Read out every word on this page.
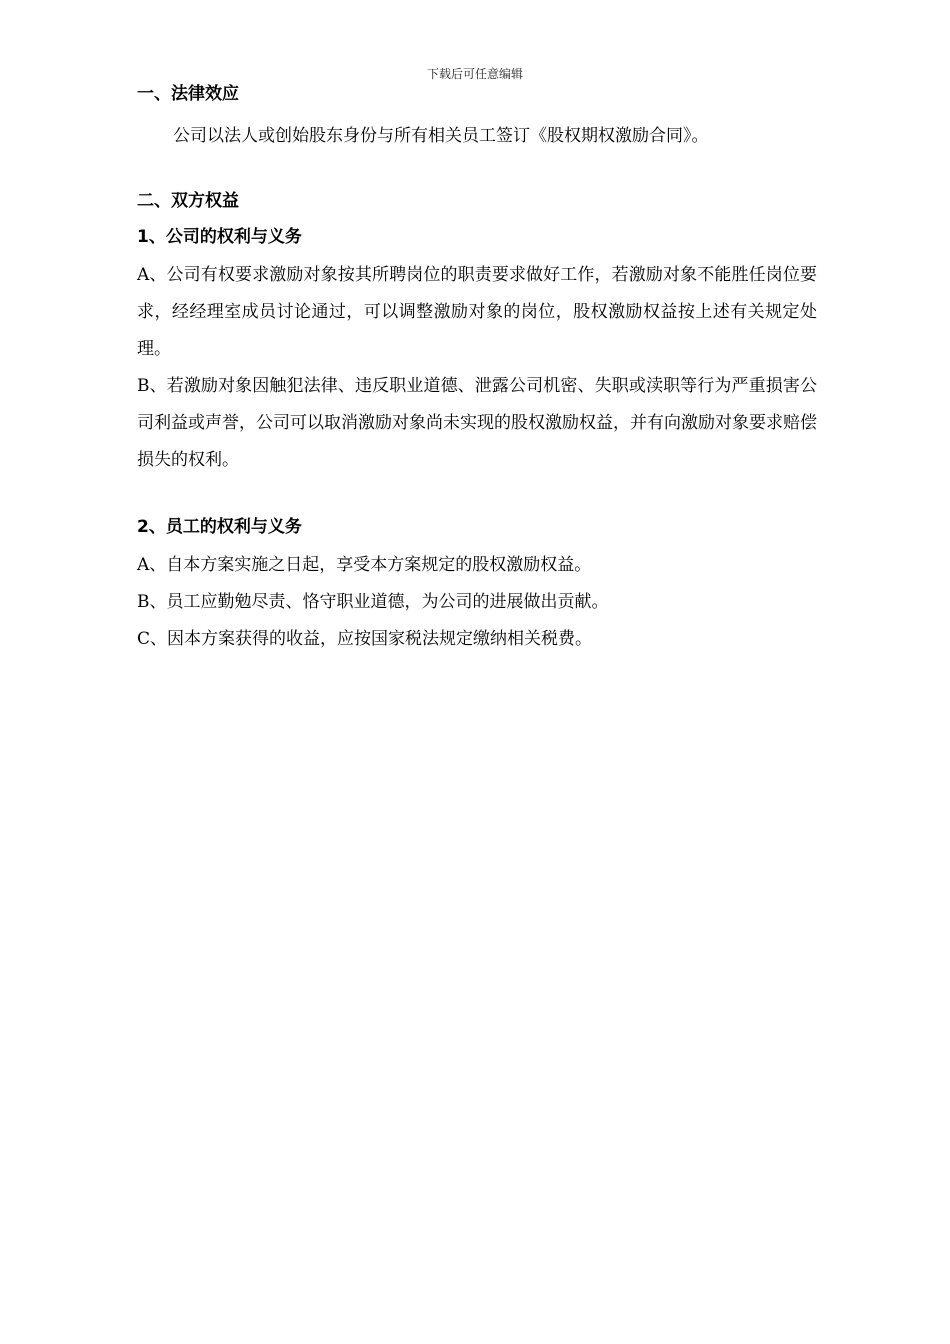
下载后可任意编辑
一、法律效应

公司以法人或创始股东身份与所有相关员工签订《股权期权激励合同》。

二、双方权益
1、公司的权利与义务

A、公司有权要求激励对象按其所聘岗位的职责要求做好工作，若激励对象不能胜任岗位要求，经经理室成员讨论通过，可以调整激励对象的岗位，股权激励权益按上述有关规定处理。

B、若激励对象因触犯法律、违反职业道德、泄露公司机密、失职或渎职等行为严重损害公司利益或声誉，公司可以取消激励对象尚未实现的股权激励权益，并有向激励对象要求赔偿损失的权利。

2、员工的权利与义务

A、自本方案实施之日起，享受本方案规定的股权激励权益。

B、员工应勤勉尽责、恪守职业道德，为公司的进展做出贡献。

C、因本方案获得的收益，应按国家税法规定缴纳相关税费。
